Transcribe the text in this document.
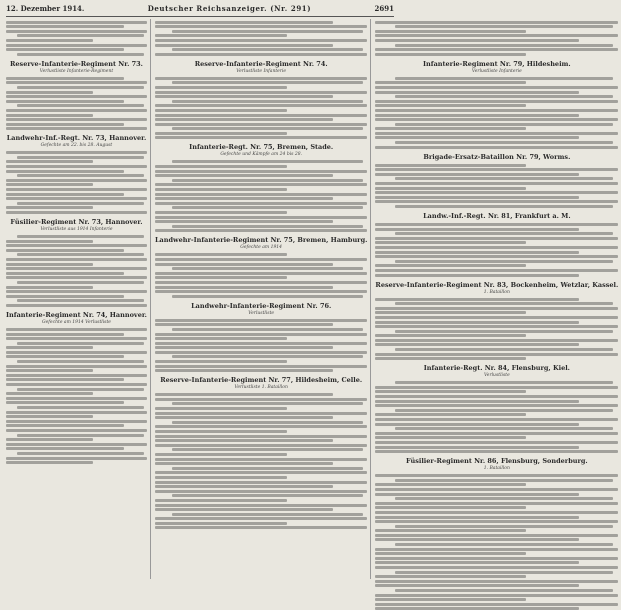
12. Dezember 1914.	Deutscher Reichsanzeiger. (Nr. 291)	2691
Reserve-Infanterie-Regiment Nr. 73.
Verlustliste Infanterie-Regiment
Landwehr-Inf.-Regt. Nr. 73, Hannover.
Gefechte am 22. bis 28. August
Füsilier-Regiment Nr. 73, Hannover.
Verlustliste aus 1914 Infanterie
Infanterie-Regiment Nr. 74, Hannover.
Gefechte am 1914 Verlustliste
Reserve-Infanterie-Regiment Nr. 74.
Verlustliste Infanterie
Infanterie-Regt. Nr. 75, Bremen, Stade.
Gefechte und Kämpfe am 24 bis 28.
Landwehr-Infanterie-Regiment Nr. 75, Bremen, Hamburg.
Gefechte am 1914
Landwehr-Infanterie-Regiment Nr. 76.
Verlustliste
Reserve-Infanterie-Regiment Nr. 77, Hildesheim, Celle.
Verlustliste 1. Bataillon
Infanterie-Regiment Nr. 79, Hildesheim.
Verlustliste Infanterie
Brigade-Ersatz-Bataillon Nr. 79, Worms.
Landw.-Inf.-Regt. Nr. 81, Frankfurt a. M.
Reserve-Infanterie-Regiment Nr. 83, Bockenheim, Wetzlar, Kassel.
1. Bataillon
Infanterie-Regt. Nr. 84, Flensburg, Kiel.
Verlustliste
Füsilier-Regiment Nr. 86, Flensburg, Sonderburg.
1. Bataillon
